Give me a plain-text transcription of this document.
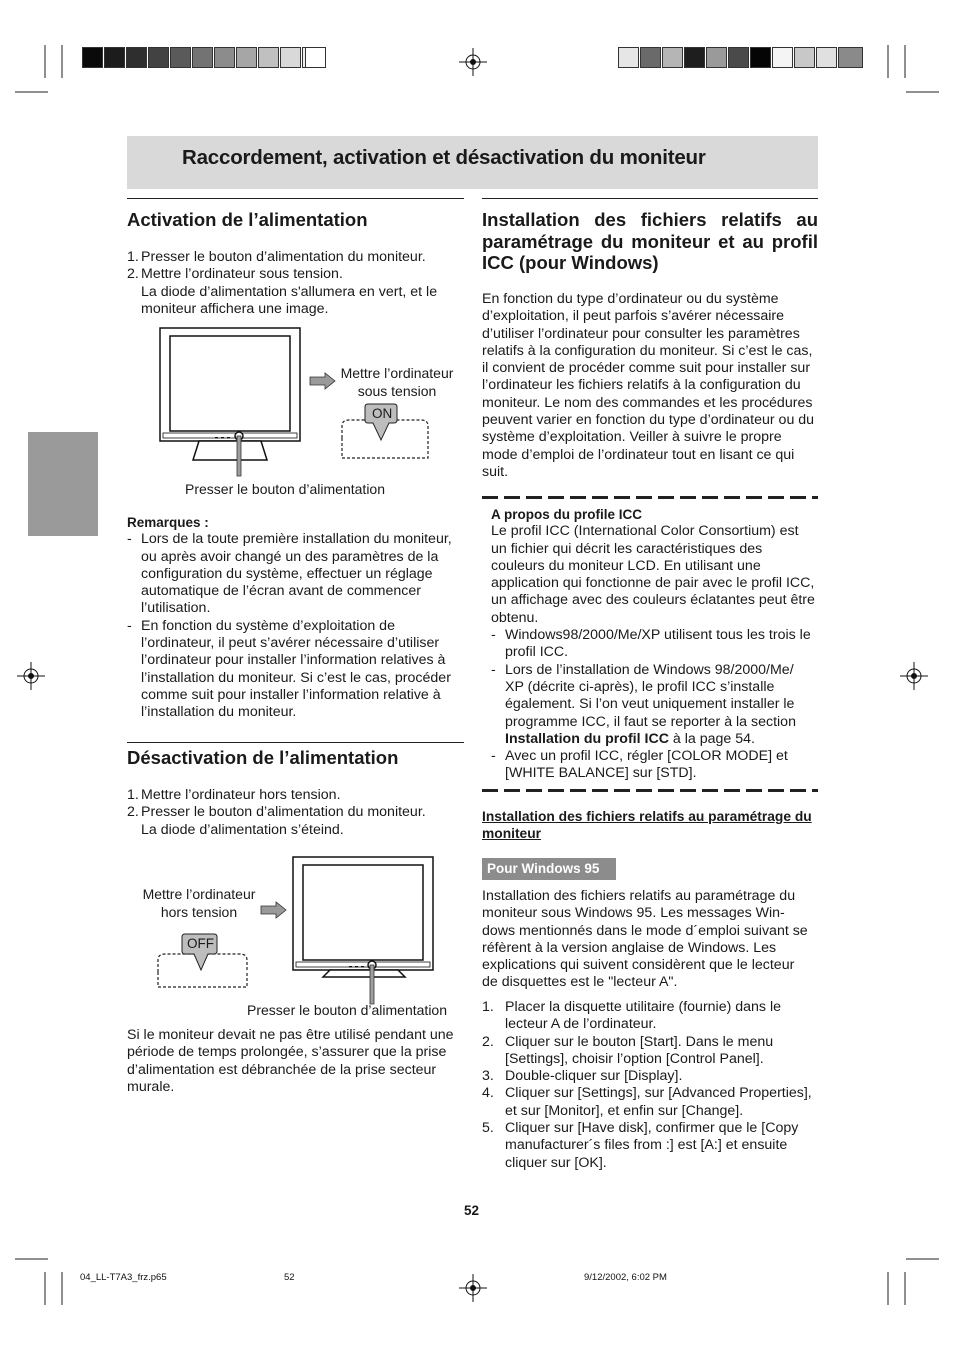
Raccordement, activation et désactivation du moniteur
Activation de l’alimentation
1. Presser le bouton d’alimentation du moniteur.
2. Mettre l’ordinateur sous tension.
La diode d’alimentation s'allumera en vert, et le moniteur affichera une image.
Mettre l’ordinateur
sous tension
ON
Presser le bouton d’alimentation
Remarques :
- Lors de la toute première installation du moniteur, ou après avoir changé un des paramètres de la configuration du système, effectuer un réglage automatique de l’écran avant de commencer l’utilisation.
- En fonction du système d’exploitation de l’ordinateur, il peut s’avérer nécessaire d’utiliser l’ordinateur pour installer l’information relatives à l’installation du moniteur. Si c’est le cas, procéder comme suit pour installer l’information relative à l’installation du moniteur.
Désactivation de l’alimentation
1. Mettre l’ordinateur hors tension.
2. Presser le bouton d’alimentation du moniteur.
La diode d’alimentation s’éteind.
Mettre l’ordinateur
hors tension
OFF
Presser le bouton d’alimentation
Si le moniteur devait ne pas être utilisé pendant une période de temps prolongée, s’assurer que la prise d’alimentation est débranchée de la prise secteur murale.
Installation des fichiers relatifs au paramétrage du moniteur et au profil ICC (pour Windows)
En fonction du type d’ordinateur ou du système d’exploitation, il peut parfois s’avérer nécessaire d’utiliser l’ordinateur pour consulter les paramètres relatifs à la configuration du moniteur. Si c’est le cas, il convient de procéder comme suit pour installer sur l’ordinateur les fichiers relatifs à la configuration du moniteur. Le nom des commandes et les procédures peuvent varier en fonction du type d’ordinateur ou du système d’exploitation. Veiller à suivre le propre mode d’emploi de l’ordinateur tout en lisant ce qui suit.
A propos du profile ICC
Le profil ICC (International Color Consortium) est un fichier qui décrit les caractéristiques des couleurs du moniteur LCD. En utilisant une application qui fonctionne de pair avec le profil ICC, un affichage avec des couleurs éclatantes peut être obtenu.
- Windows98/2000/Me/XP utilisent tous les trois le profil ICC.
- Lors de l’installation de Windows 98/2000/Me/ XP (décrite ci-après), le profil ICC s’installe également. Si l’on veut uniquement installer le programme ICC, il faut se reporter à la section Installation du profil ICC à la page 54.
- Avec un profil ICC, régler [COLOR MODE] et [WHITE BALANCE] sur [STD].
Installation des fichiers relatifs au paramétrage du moniteur
Pour Windows 95
Installation des fichiers relatifs au paramétrage du moniteur sous Windows 95. Les messages Win- dows mentionnés dans le mode d´emploi suivant se réfèrent à la version anglaise de Windows. Les explications qui suivent considèrent que le lecteur de disquettes est le "lecteur A".
1. Placer la disquette utilitaire (fournie) dans le lecteur A de l’ordinateur.
2. Cliquer sur le bouton [Start]. Dans le menu [Settings], choisir l’option [Control Panel].
3. Double-cliquer sur [Display].
4. Cliquer sur [Settings], sur [Advanced Properties], et sur [Monitor], et enfin sur [Change].
5. Cliquer sur [Have disk], confirmer que le [Copy manufacturer´s files from :] est [A:] et ensuite cliquer sur [OK].
52
04_LL-T7A3_frz.p65	52	9/12/2002, 6:02 PM
